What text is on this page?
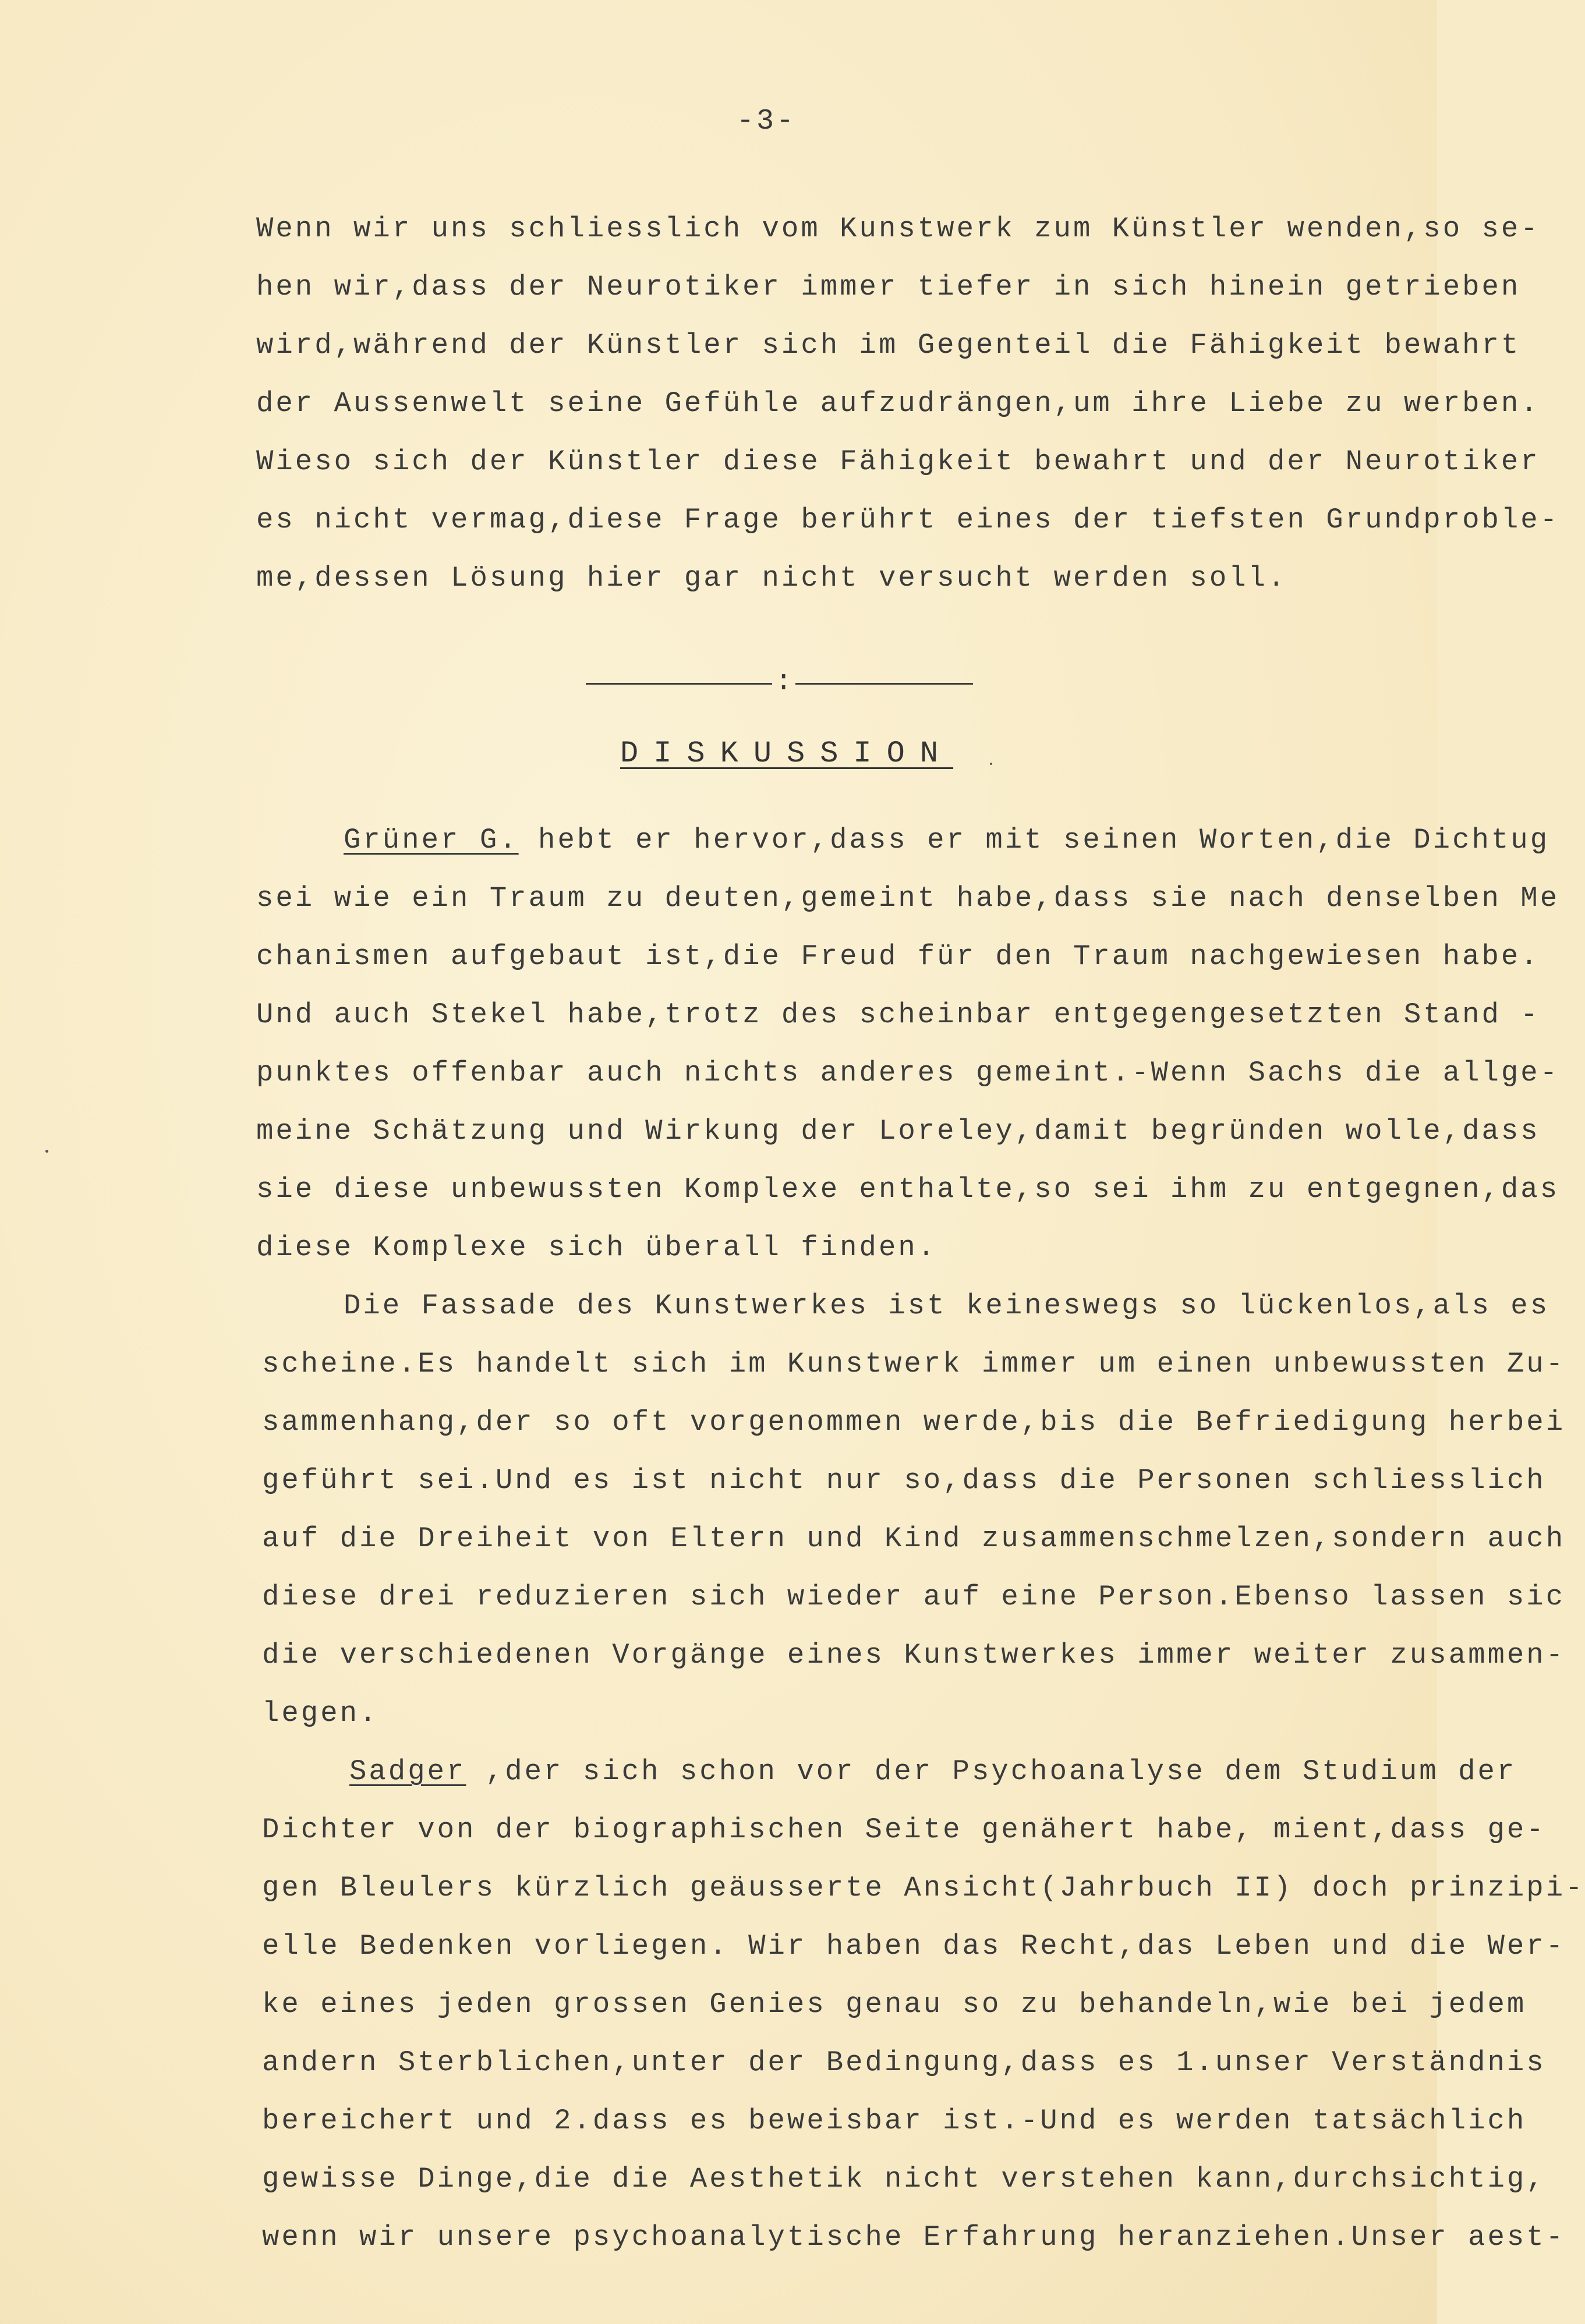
-3-
Wenn wir uns schliesslich vom Kunstwerk zum Künstler wenden,so se-
hen wir,dass der Neurotiker immer tiefer in sich hinein getrieben
wird,während der Künstler sich im Gegenteil die Fähigkeit bewahrt
der Aussenwelt seine Gefühle aufzudrängen,um ihre Liebe zu werben.
Wieso sich der Künstler diese Fähigkeit bewahrt und der Neurotiker
es nicht vermag,diese Frage berührt eines der tiefsten Grundproble-
me,dessen Lösung hier gar nicht versucht werden soll.
:
DISKUSSION
Grüner G. hebt er hervor,dass er mit seinen Worten,die Dichtug
sei wie ein Traum zu deuten,gemeint habe,dass sie nach denselben Me
chanismen aufgebaut ist,die Freud für den Traum nachgewiesen habe.
Und auch Stekel habe,trotz des scheinbar entgegengesetzten Stand -
punktes offenbar auch nichts anderes gemeint.-Wenn Sachs die allge-
meine Schätzung und Wirkung der Loreley,damit begründen wolle,dass
sie diese unbewussten Komplexe enthalte,so sei ihm zu entgegnen,das
diese Komplexe sich überall finden.
Die Fassade des Kunstwerkes ist keineswegs so lückenlos,als es
scheine.Es handelt sich im Kunstwerk immer um einen unbewussten Zu-
sammenhang,der so oft vorgenommen werde,bis die Befriedigung herbei
geführt sei.Und es ist nicht nur so,dass die Personen schliesslich
auf die Dreiheit von Eltern und Kind zusammenschmelzen,sondern auch
diese drei reduzieren sich wieder auf eine Person.Ebenso lassen sic
die verschiedenen Vorgänge eines Kunstwerkes immer weiter zusammen-
legen.
Sadger ,der sich schon vor der Psychoanalyse dem Studium der
Dichter von der biographischen Seite genähert habe, mient,dass ge-
gen Bleulers kürzlich geäusserte Ansicht(Jahrbuch II) doch prinzipi-
elle Bedenken vorliegen. Wir haben das Recht,das Leben und die Wer-
ke eines jeden grossen Genies genau so zu behandeln,wie bei jedem
andern Sterblichen,unter der Bedingung,dass es 1.unser Verständnis
bereichert und 2.dass es beweisbar ist.-Und es werden tatsächlich
gewisse Dinge,die die Aesthetik nicht verstehen kann,durchsichtig,
wenn wir unsere psychoanalytische Erfahrung heranziehen.Unser aest-
